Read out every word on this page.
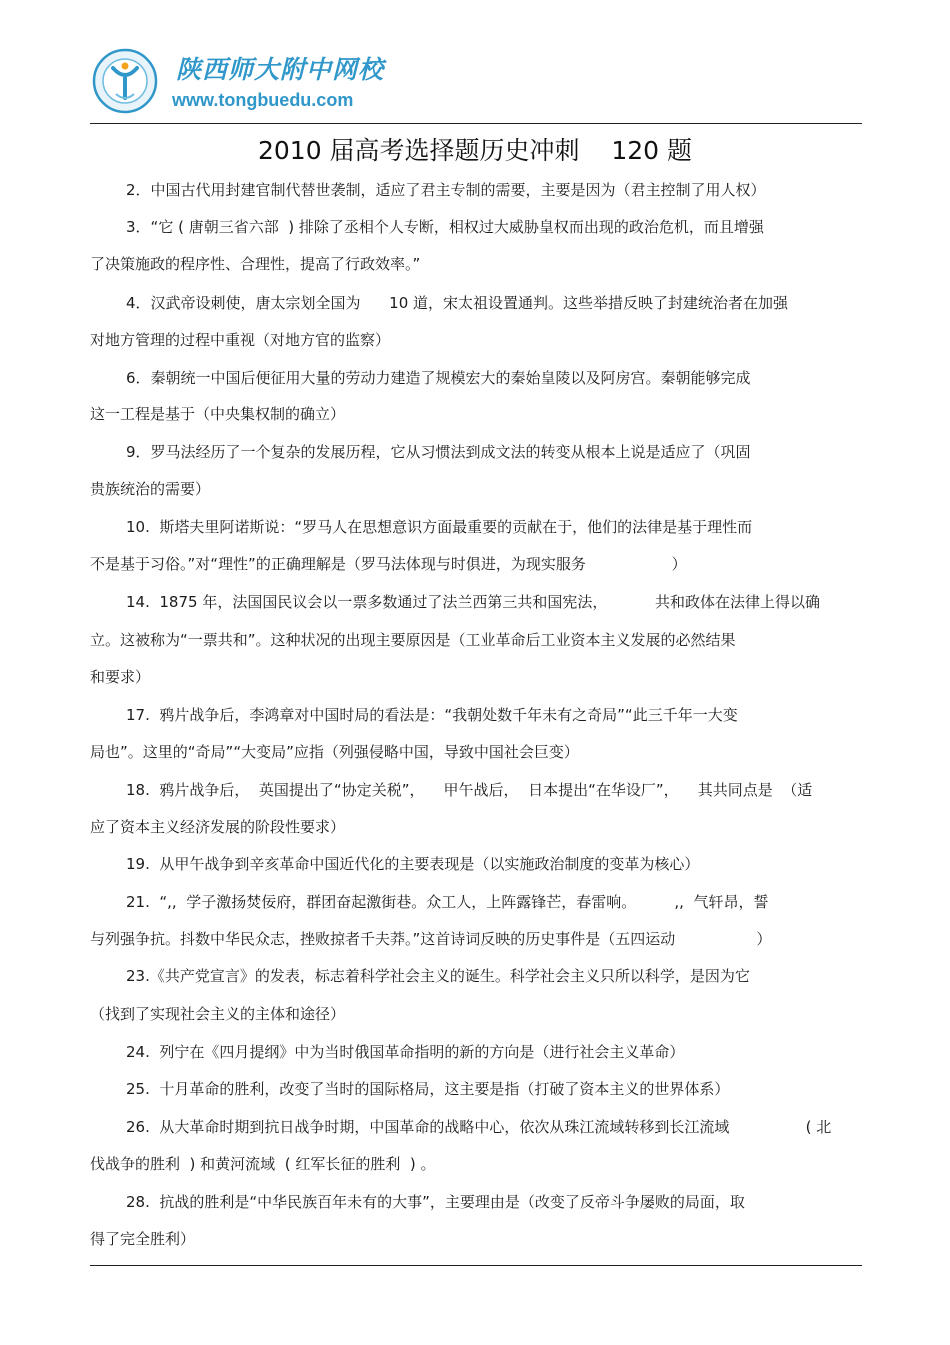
陕西师大附中网校
www.tongbuedu.com
2010 届高考选择题历史冲刺    120 题
2．中国古代用封建官制代替世袭制，适应了君主专制的需要，主要是因为（君主控制了用人权）
3．“它 ( 唐朝三省六部  ) 排除了丞相个人专断，相权过大威胁皇权而出现的政治危机，而且增强
了决策施政的程序性、合理性，提高了行政效率。”
4．汉武帝设刺使，唐太宗划全国为      10 道，宋太祖设置通判。这些举措反映了封建统治者在加强
对地方管理的过程中重视（对地方官的监察）
6．秦朝统一中国后便征用大量的劳动力建造了规模宏大的秦始皇陵以及阿房宫。秦朝能够完成
这一工程是基于（中央集权制的确立）
9．罗马法经历了一个复杂的发展历程，它从习惯法到成文法的转变从根本上说是适应了（巩固
贵族统治的需要）
10.  斯塔夫里阿诺斯说：“罗马人在思想意识方面最重要的贡献在于，他们的法律是基于理性而
不是基于习俗。”对“理性”的正确理解是（罗马法体现与时俱进，为现实服务                  ）
14.  1875 年，法国国民议会以一票多数通过了法兰西第三共和国宪法，          共和政体在法律上得以确
立。这被称为“一票共和”。这种状况的出现主要原因是（工业革命后工业资本主义发展的必然结果
和要求）
17.  鸦片战争后，李鸿章对中国时局的看法是：“我朝处数千年未有之奇局”“此三千年一大变
局也”。这里的“奇局”“大变局”应指（列强侵略中国，导致中国社会巨变）
18.  鸦片战争后，  英国提出了“协定关税”，    甲午战后，  日本提出“在华设厂”，    其共同点是  （适
应了资本主义经济发展的阶段性要求）
19.  从甲午战争到辛亥革命中国近代化的主要表现是（以实施政治制度的变革为核心）
21.  “,,  学子激扬焚佞府，群团奋起激街巷。众工人，上阵露锋芒，春雷响。        ,,  气轩昂，誓
与列强争抗。抖数中华民众志，挫败掠者千夫莽。”这首诗词反映的历史事件是（五四运动                 ）
23.《共产党宣言》的发表，标志着科学社会主义的诞生。科学社会主义只所以科学，是因为它
（找到了实现社会主义的主体和途径）
24.  列宁在《四月提纲》中为当时俄国革命指明的新的方向是（进行社会主义革命）
25.  十月革命的胜利，改变了当时的国际格局，这主要是指（打破了资本主义的世界体系）
26.  从大革命时期到抗日战争时期，中国革命的战略中心，依次从珠江流域转移到长江流域                ( 北
伐战争的胜利  ) 和黄河流域  ( 红军长征的胜利  ) 。
28.  抗战的胜利是“中华民族百年未有的大事”，主要理由是（改变了反帝斗争屡败的局面，取
得了完全胜利）
